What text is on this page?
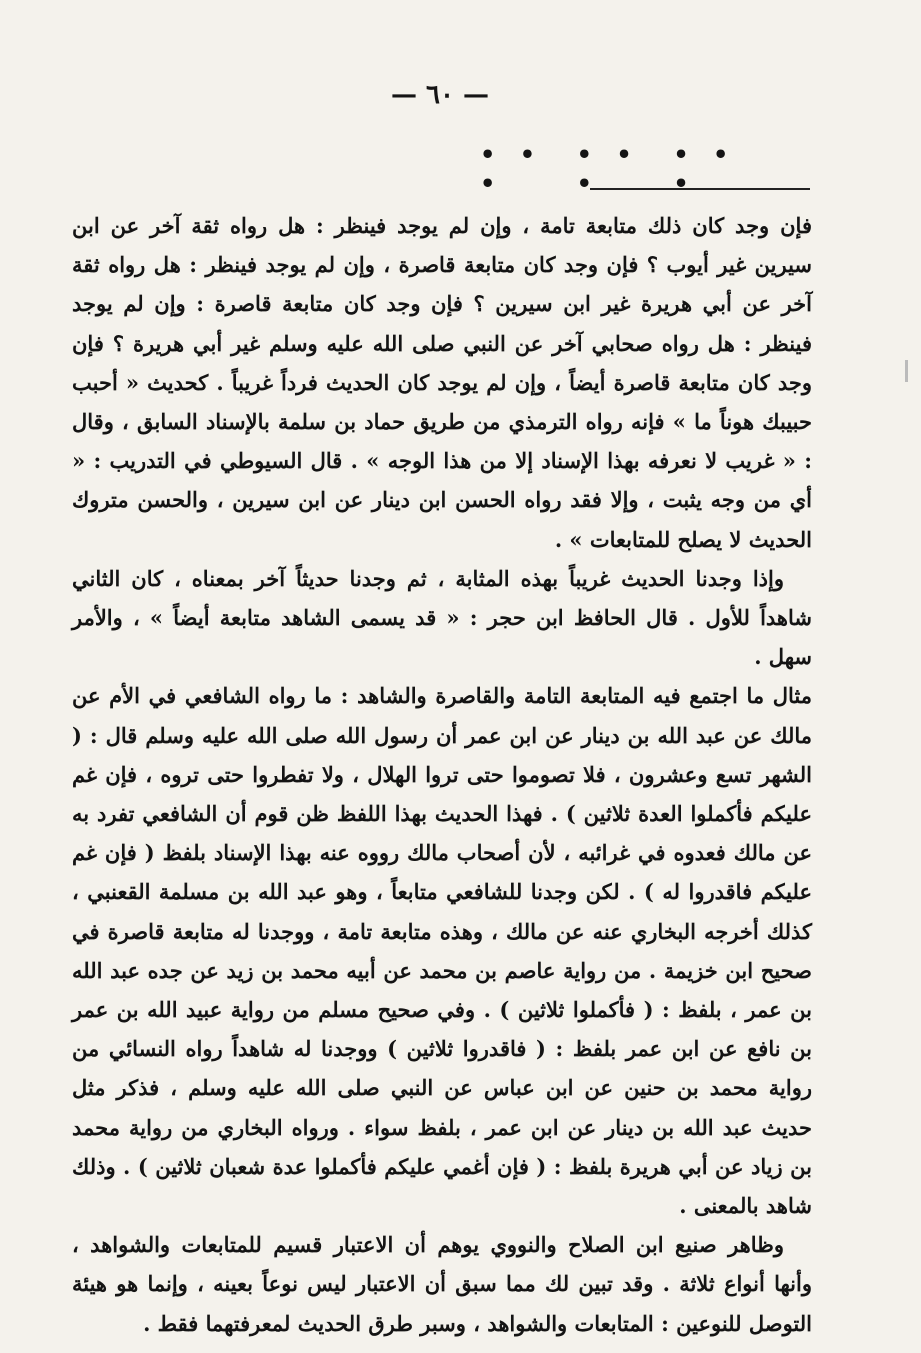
— ٦٠ —
• • •
• • •
• • •

فإن وجد كان ذلك متابعة تامة ، وإن لم يوجد فينظر : هل رواه ثقة آخر عن ابن سيرين غير أيوب ؟ فإن وجد كان متابعة قاصرة ، وإن لم يوجد فينظر : هل رواه ثقة آخر عن أبي هريرة غير ابن سيرين ؟ فإن وجد كان متابعة قاصرة : وإن لم يوجد فينظر : هل رواه صحابي آخر عن النبي صلى الله عليه وسلم غير أبي هريرة ؟ فإن وجد كان متابعة قاصرة أيضاً ، وإن لم يوجد كان الحديث فرداً غريباً . كحديث « أحبب حبيبك هوناً ما » فإنه رواه الترمذي من طريق حماد بن سلمة بالإسناد السابق ، وقال : « غريب لا نعرفه بهذا الإسناد إلا من هذا الوجه » . قال السيوطي في التدريب : « أي من وجه يثبت ، وإلا فقد رواه الحسن ابن دينار عن ابن سيرين ، والحسن متروك الحديث لا يصلح للمتابعات » .

وإذا وجدنا الحديث غريباً بهذه المثابة ، ثم وجدنا حديثاً آخر بمعناه ، كان الثاني شاهداً للأول . قال الحافظ ابن حجر : « قد يسمى الشاهد متابعة أيضاً » ، والأمر سهل .

مثال ما اجتمع فيه المتابعة التامة والقاصرة والشاهد : ما رواه الشافعي في الأم عن مالك عن عبد الله بن دينار عن ابن عمر أن رسول الله صلى الله عليه وسلم قال : ( الشهر تسع وعشرون ، فلا تصوموا حتى تروا الهلال ، ولا تفطروا حتى تروه ، فإن غم عليكم فأكملوا العدة ثلاثين ) . فهذا الحديث بهذا اللفظ ظن قوم أن الشافعي تفرد به عن مالك فعدوه في غرائبه ، لأن أصحاب مالك رووه عنه بهذا الإسناد بلفظ ( فإن غم عليكم فاقدروا له ) . لكن وجدنا للشافعي متابعاً ، وهو عبد الله بن مسلمة القعنبي ، كذلك أخرجه البخاري عنه عن مالك ، وهذه متابعة تامة ، ووجدنا له متابعة قاصرة في صحيح ابن خزيمة . من رواية عاصم بن محمد عن أبيه محمد بن زيد عن جده عبد الله بن عمر ، بلفظ : ( فأكملوا ثلاثين ) . وفي صحيح مسلم من رواية عبيد الله بن عمر بن نافع عن ابن عمر بلفظ : ( فاقدروا ثلاثين ) ووجدنا له شاهداً رواه النسائي من رواية محمد بن حنين عن ابن عباس عن النبي صلى الله عليه وسلم ، فذكر مثل حديث عبد الله بن دينار عن ابن عمر ، بلفظ سواء . ورواه البخاري من رواية محمد بن زياد عن أبي هريرة بلفظ : ( فإن أغمي عليكم فأكملوا عدة شعبان ثلاثين ) . وذلك شاهد بالمعنى .

وظاهر صنيع ابن الصلاح والنووي يوهم أن الاعتبار قسيم للمتابعات والشواهد ، وأنها أنواع ثلاثة . وقد تبين لك مما سبق أن الاعتبار ليس نوعاً بعينه ، وإنما هو هيئة التوصل للنوعين : المتابعات والشواهد ، وسبر طرق الحديث لمعرفتهما فقط .
